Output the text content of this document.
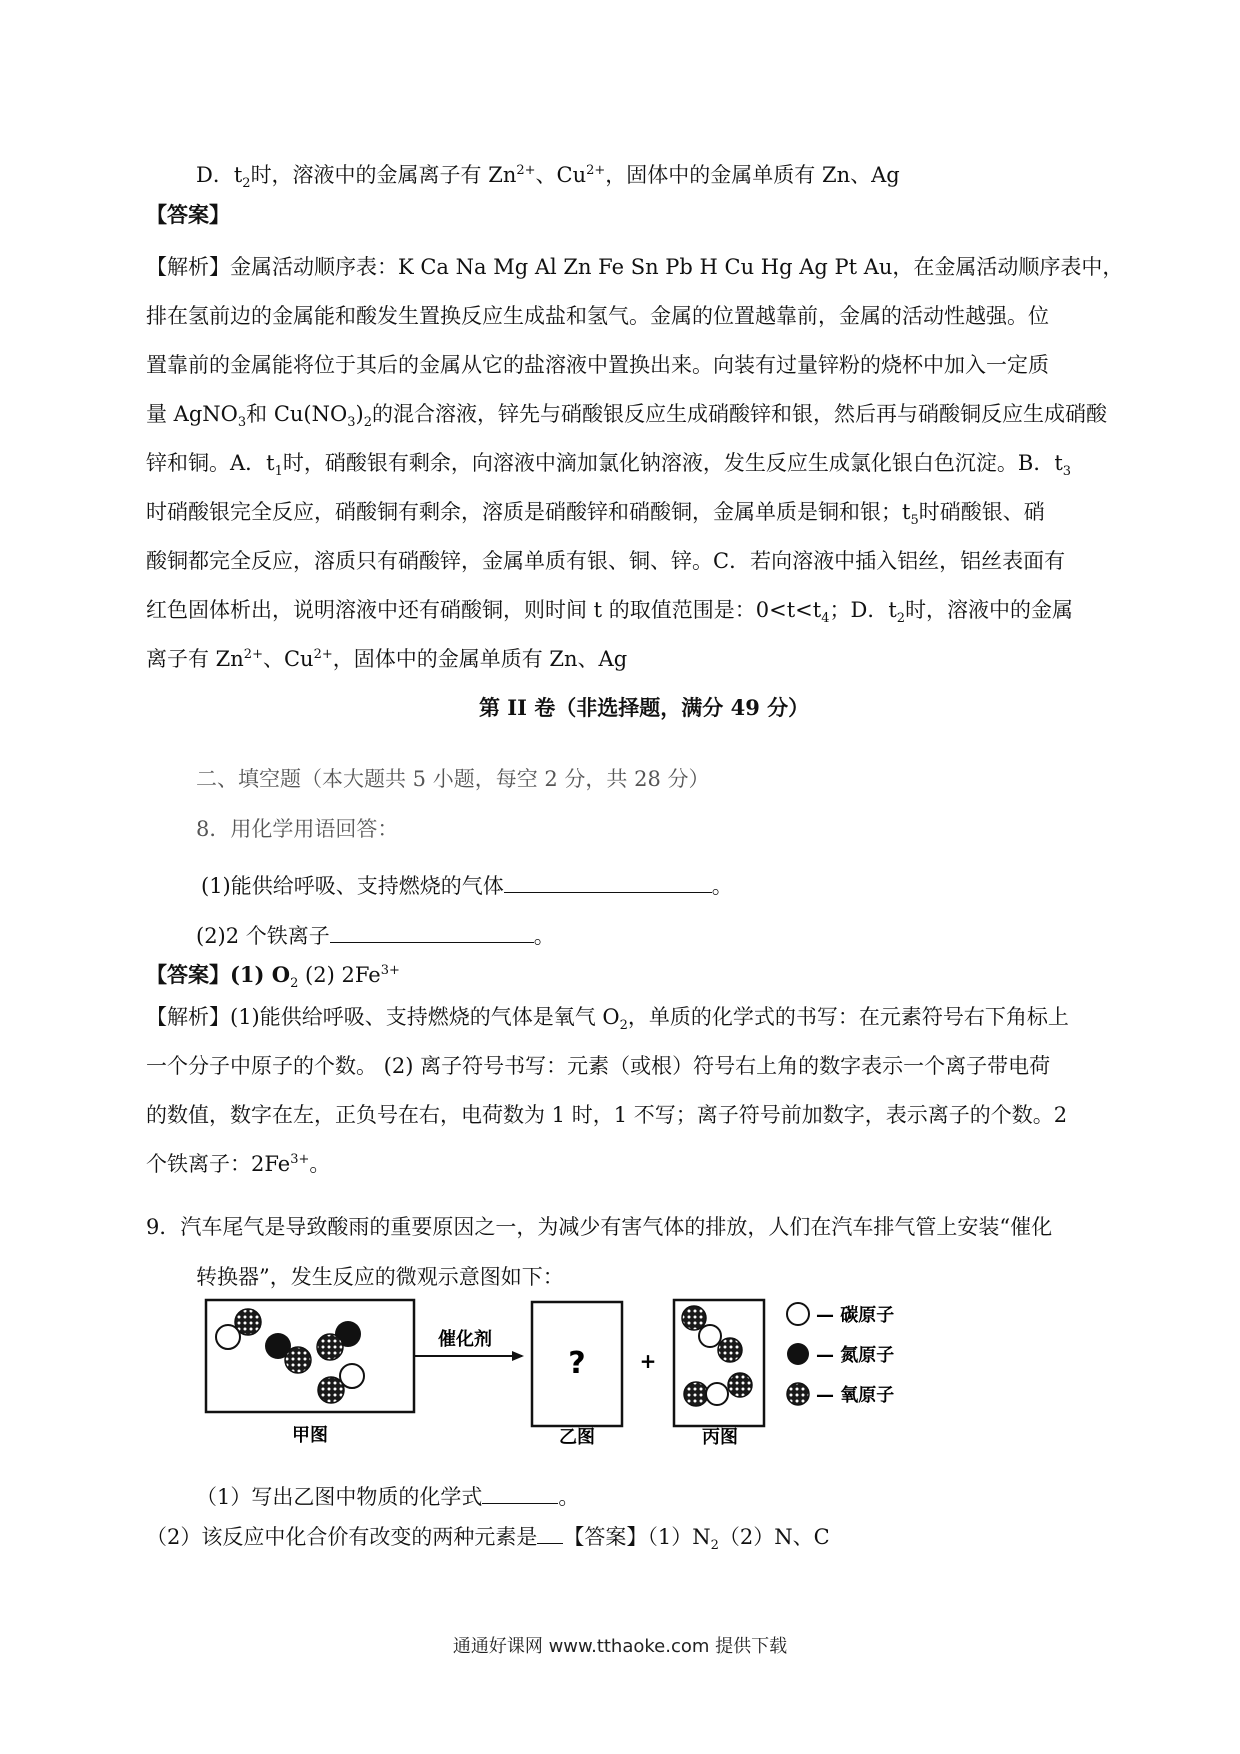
D．$t_2$时，溶液中的金属离子有 $Zn^{2+}$、$Cu^{2+}$，固体中的金属单质有 Zn、Ag
【答案】
【解析】金属活动顺序表：K Ca Na Mg Al Zn Fe Sn Pb H Cu Hg Ag Pt Au，在金属活动顺序表中，
排在氢前边的金属能和酸发生置换反应生成盐和氢气。金属的位置越靠前，金属的活动性越强。位
置靠前的金属能将位于其后的金属从它的盐溶液中置换出来。向装有过量锌粉的烧杯中加入一定质
量 AgNO$_3$和 $Cu(NO_3)_2$的混合溶液，锌先与硝酸银反应生成硝酸锌和银，然后再与硝酸铜反应生成硝酸
锌和铜。A．$t_1$时，硝酸银有剩余，向溶液中滴加氯化钠溶液，发生反应生成氯化银白色沉淀。B．$t_3$
时硝酸银完全反应，硝酸铜有剩余，溶质是硝酸锌和硝酸铜，金属单质是铜和银；$t_5$时硝酸银、硝
酸铜都完全反应，溶质只有硝酸锌，金属单质有银、铜、锌。C．若向溶液中插入铝丝，铝丝表面有
红色固体析出，说明溶液中还有硝酸铜，则时间 t 的取值范围是：$0<t<t_4$；D．$t_2$时，溶液中的金属
离子有 $Zn^{2+}$、$Cu^{2+}$，固体中的金属单质有 Zn、Ag
第 II 卷（非选择题，满分 49 分）
二、填空题（本大题共 5 小题，每空 2 分，共 28 分）
8．用化学用语回答：
(1)能供给呼吸、支持燃烧的气体	。
(2)2 个铁离子	。
【答案】(1) $O_2$ (2) $2Fe^{3+}$
【解析】(1)能供给呼吸、支持燃烧的气体是氧气 $O_2$，单质的化学式的书写：在元素符号右下角标上
一个分子中原子的个数。 (2) 离子符号书写：元素（或根）符号右上角的数字表示一个离子带电荷
的数值，数字在左，正负号在右，电荷数为 1 时，1 不写；离子符号前加数字，表示离子的个数。2
个铁离子：$2Fe^{3+}$。
9．汽车尾气是导致酸雨的重要原因之一，为减少有害气体的排放，人们在汽车排气管上安装“催化
转换器”，发生反应的微观示意图如下：
催化剂
?	+
— 碳原子
— 氮原子
— 氧原子
甲图	乙图	丙图
（1）写出乙图中物质的化学式	。
（2）该反应中化合价有改变的两种元素是 【答案】$(1)N_2(2)N$、C
通通好课网 www.tthaoke.com 提供下载
